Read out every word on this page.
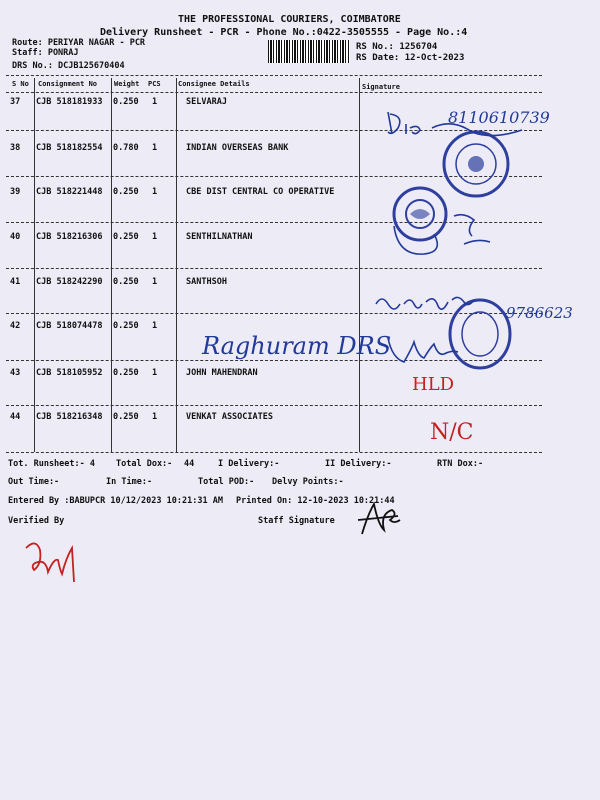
THE PROFESSIONAL COURIERS, COIMBATORE
Delivery Runsheet - PCR - Phone No.:0422-3505555 - Page No.:4
Route: PERIYAR NAGAR - PCR
Staff: PONRAJ
DRS No.: DCJB125670404
RS No.: 1256704
RS Date: 12-Oct-2023
S No Consignment No Weight PCS Consignee Details	Signature
37 CJB 518181933 0.250 1	SELVARAJ
38 CJB 518182554 0.780 1	INDIAN OVERSEAS BANK
39 CJB 518221448 0.250 1	CBE DIST CENTRAL CO OPERATIVE
40 CJB 518216306 0.250 1	SENTHILNATHAN
41 CJB 518242290 0.250 1	SANTHSOH
42 CJB 518074478 0.250 1
43 CJB 518105952 0.250 1	JOHN MAHENDRAN
44 CJB 518216348 0.250 1	VENKAT ASSOCIATES
Tot. Runsheet:- 4 Total Dox:- 44	I Delivery:-	II Delivery:-	RTN Dox:-
Out Time:-	In Time:-	Total POD:- Delvy Points:-
Entered By :BABUPCR 10/12/2023 10:21:31 AM Printed On: 12-10-2023 10:21:44
Verified By	Staff Signature
8110610739
9786623
Raghuram DRS
HLD
N/C
